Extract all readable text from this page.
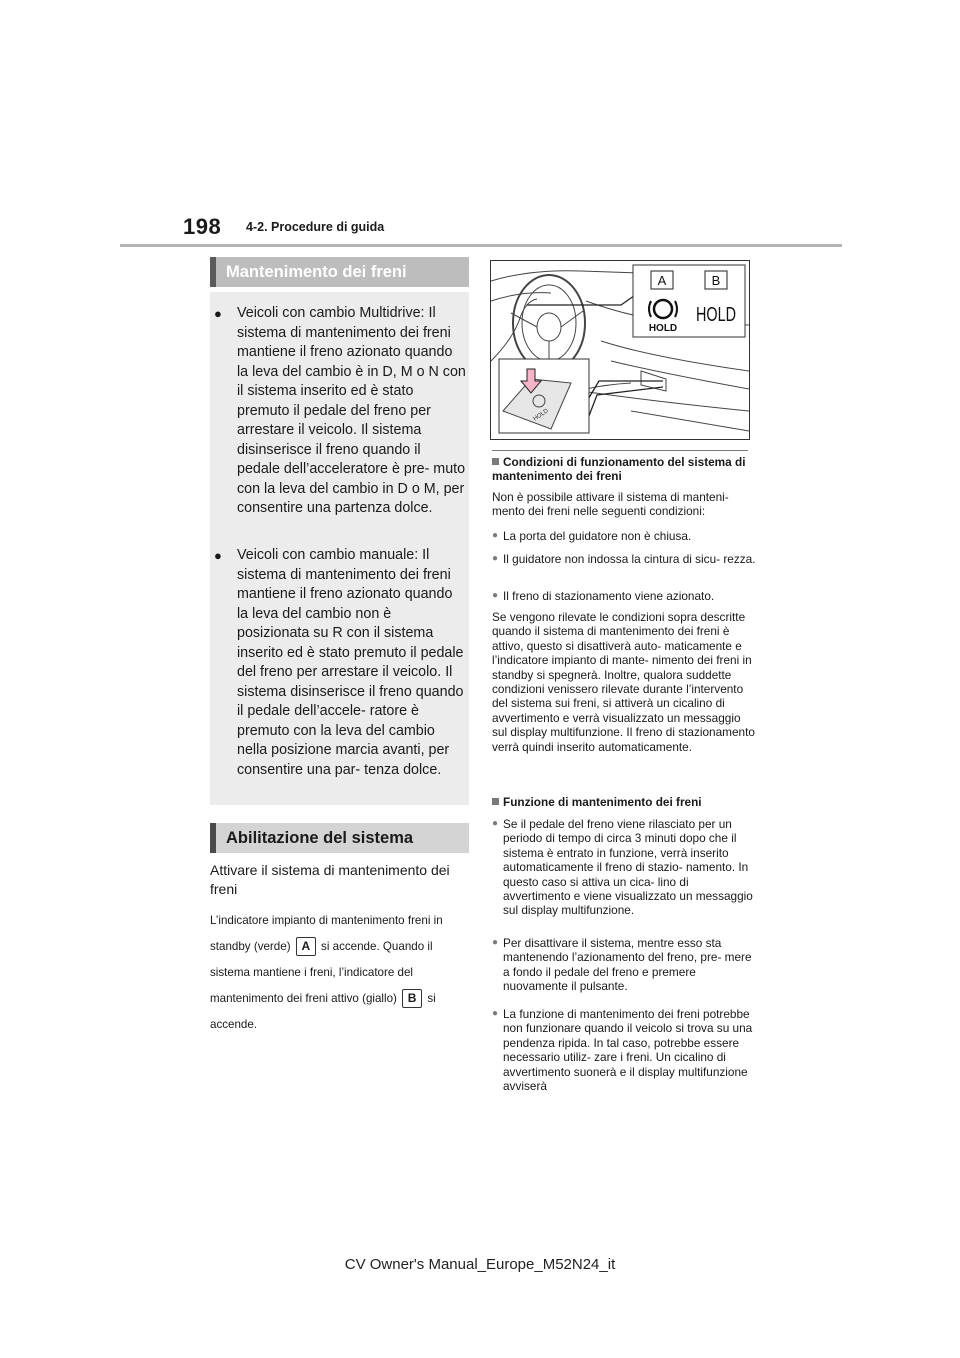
198 4-2. Procedure di guida
Mantenimento dei freni
●	Veicoli con cambio Multidrive: Il sistema di mantenimento dei freni mantiene il freno azionato quando la leva del cambio è in D, M o N con il sistema inserito ed è stato premuto il pedale del freno per arrestare il veicolo. Il sistema disinserisce il freno quando il pedale dell’acceleratore è pre- muto con la leva del cambio in D o M, per consentire una partenza dolce.
●	Veicoli con cambio manuale: Il sistema di mantenimento dei freni mantiene il freno azionato quando la leva del cambio non è posizionata su R con il sistema inserito ed è stato premuto il pedale del freno per arrestare il veicolo. Il sistema disinserisce il freno quando il pedale dell’accele- ratore è premuto con la leva del cambio nella posizione marcia avanti, per consentire una par- tenza dolce.
Abilitazione del sistema
Attivare il sistema di mantenimento dei freni
L’indicatore impianto di mantenimento freni in standby (verde) A si accende. Quando il sistema mantiene i freni, l’indicatore del mantenimento dei freni attivo (giallo) B si accende.
HOLD
A	B
HOLD
HOLD
Condizioni di funzionamento del sistema di mantenimento dei freni
Non è possibile attivare il sistema di manteni- mento dei freni nelle seguenti condizioni:
● La porta del guidatore non è chiusa.
● Il guidatore non indossa la cintura di sicu- rezza.
● Il freno di stazionamento viene azionato.
Se vengono rilevate le condizioni sopra descritte quando il sistema di mantenimento dei freni è attivo, questo si disattiverà auto- maticamente e l’indicatore impianto di mante- nimento dei freni in standby si spegnerà. Inoltre, qualora suddette condizioni venissero rilevate durante l’intervento del sistema sui freni, si attiverà un cicalino di avvertimento e verrà visualizzato un messaggio sul display multifunzione. Il freno di stazionamento verrà quindi inserito automaticamente.
Funzione di mantenimento dei freni
● Se il pedale del freno viene rilasciato per un periodo di tempo di circa 3 minuti dopo che il sistema è entrato in funzione, verrà inserito automaticamente il freno di stazio- namento. In questo caso si attiva un cica- lino di avvertimento e viene visualizzato un messaggio sul display multifunzione.
● Per disattivare il sistema, mentre esso sta mantenendo l’azionamento del freno, pre- mere a fondo il pedale del freno e premere nuovamente il pulsante.
● La funzione di mantenimento dei freni potrebbe non funzionare quando il veicolo si trova su una pendenza ripida. In tal caso, potrebbe essere necessario utiliz- zare i freni. Un cicalino di avvertimento suonerà e il display multifunzione avviserà
CV Owner's Manual_Europe_M52N24_it
